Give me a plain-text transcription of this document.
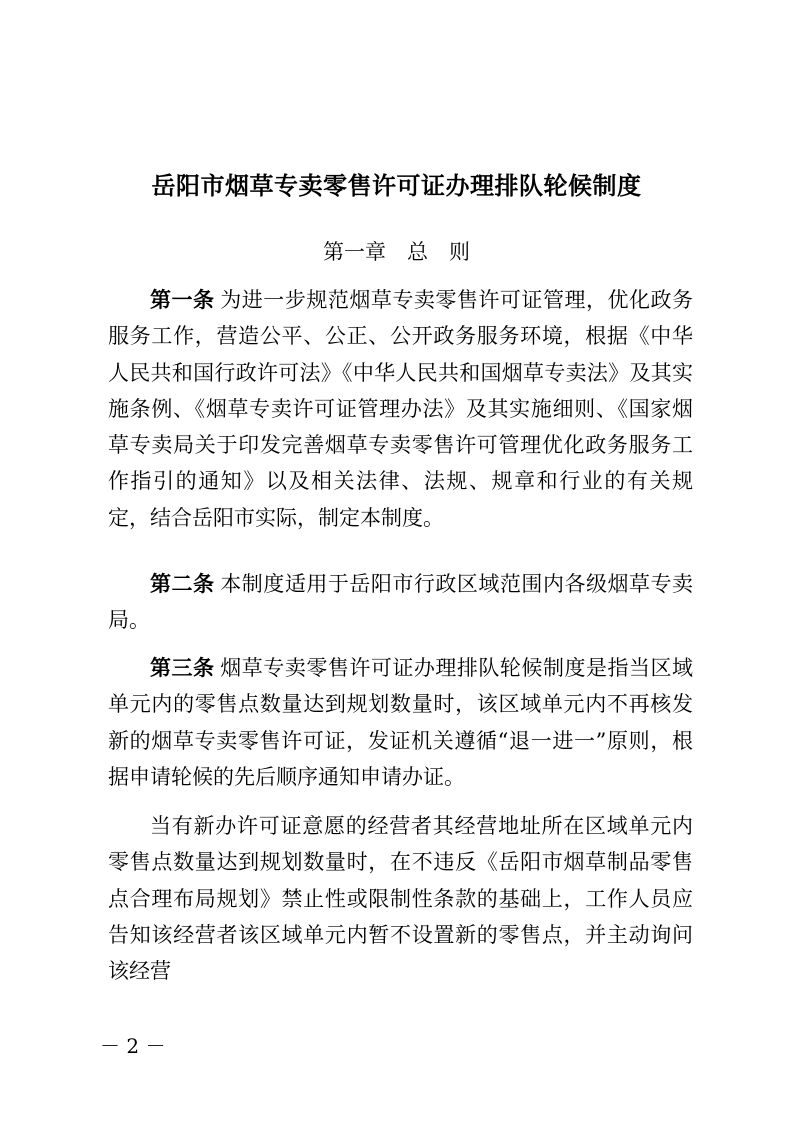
岳阳市烟草专卖零售许可证办理排队轮候制度
第一章　总　则

第一条  为进一步规范烟草专卖零售许可证管理，优化政务服务工作，营造公平、公正、公开政务服务环境，根据《中华人民共和国行政许可法》《中华人民共和国烟草专卖法》及其实施条例、《烟草专卖许可证管理办法》及其实施细则、《国家烟草专卖局关于印发完善烟草专卖零售许可管理优化政务服务工作指引的通知》以及相关法律、法规、规章和行业的有关规定，结合岳阳市实际，制定本制度。

第二条  本制度适用于岳阳市行政区域范围内各级烟草专卖局。

第三条  烟草专卖零售许可证办理排队轮候制度是指当区域单元内的零售点数量达到规划数量时，该区域单元内不再核发新的烟草专卖零售许可证，发证机关遵循“退一进一”原则，根据申请轮候的先后顺序通知申请办证。

当有新办许可证意愿的经营者其经营地址所在区域单元内零售点数量达到规划数量时，在不违反《岳阳市烟草制品零售点合理布局规划》禁止性或限制性条款的基础上，工作人员应告知该经营者该区域单元内暂不设置新的零售点，并主动询问该经营

－ 2 －
